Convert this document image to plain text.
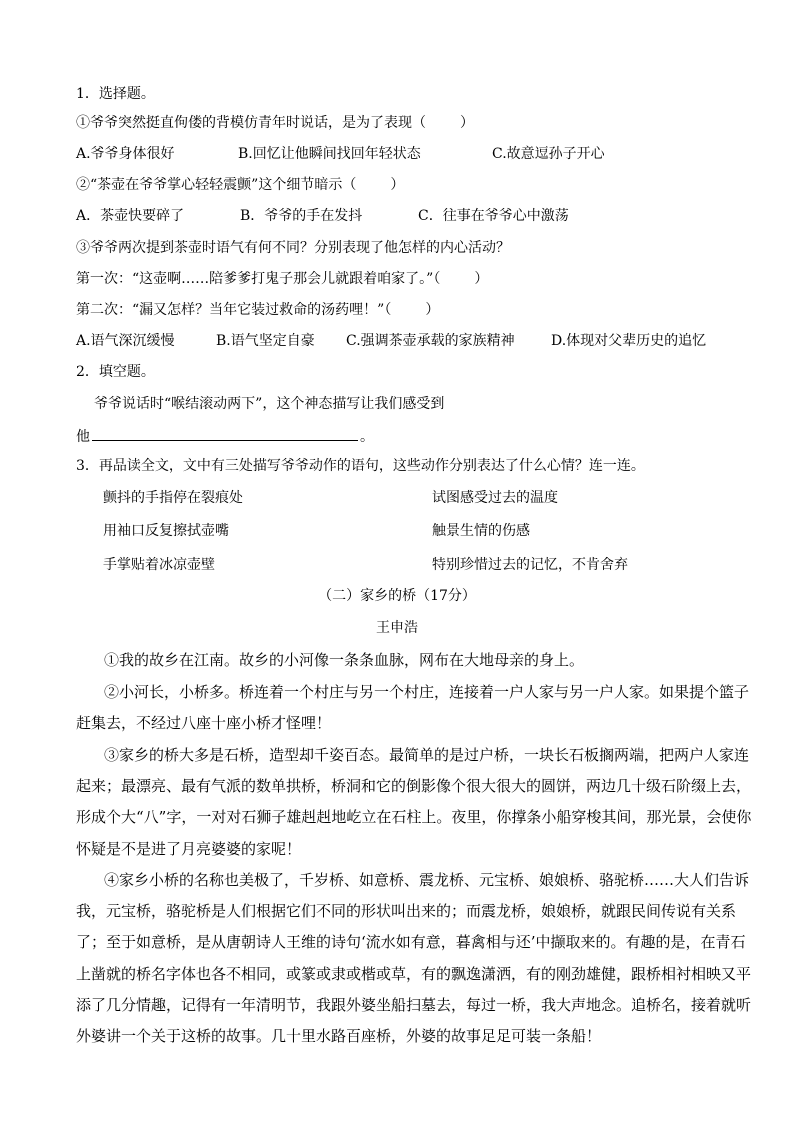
1．选择题。
①爷爷突然挺直佝偻的背模仿青年时说话，是为了表现（ ）
A.爷爷身体很好	B.回忆让他瞬间找回年轻状态	C.故意逗孙子开心
②“茶壶在爷爷掌心轻轻震颤”这个细节暗示（ ）
A．茶壶快要碎了	B．爷爷的手在发抖	C．往事在爷爷心中激荡
③爷爷两次提到茶壶时语气有何不同？分别表现了他怎样的内心活动？
第一次：“这壶啊……陪爹爹打鬼子那会儿就跟着咱家了。”（ ）
第二次：“漏又怎样？当年它装过救命的汤药哩！”（ ）
A.语气深沉缓慢	B.语气坚定自豪 C.强调茶壶承载的家族精神	D.体现对父辈历史的追忆
2．填空题。
爷爷说话时“喉结滚动两下”，这个神态描写让我们感受到
他	。
3．再品读全文，文中有三处描写爷爷动作的语句，这些动作分别表达了什么心情？连一连。
颤抖的手指停在裂痕处	试图感受过去的温度
用袖口反复擦拭壶嘴	触景生情的伤感
手掌贴着冰凉壶壁	特别珍惜过去的记忆，不肯舍弃
（二）家乡的桥（17分）
王申浩
①我的故乡在江南。故乡的小河像一条条血脉，网布在大地母亲的身上。
②小河长，小桥多。桥连着一个村庄与另一个村庄，连接着一户人家与另一户人家。如果提个篮子
赶集去，不经过八座十座小桥才怪哩！
③家乡的桥大多是石桥，造型却千姿百态。最简单的是过户桥，一块长石板搁两端，把两户人家连
起来；最漂亮、最有气派的数单拱桥，桥洞和它的倒影像个很大很大的圆饼，两边几十级石阶缀上去，
形成个大“八”字，一对对石狮子雄赳赳地屹立在石柱上。夜里，你撑条小船穿梭其间，那光景，会使你
怀疑是不是进了月亮婆婆的家呢！
④家乡小桥的名称也美极了，千岁桥、如意桥、震龙桥、元宝桥、娘娘桥、骆驼桥……大人们告诉
我，元宝桥，骆驼桥是人们根据它们不同的形状叫出来的；而震龙桥，娘娘桥，就跟民间传说有关系
了；至于如意桥，是从唐朝诗人王维的诗句‘流水如有意，暮禽相与还’中撷取来的。有趣的是，在青石
上凿就的桥名字体也各不相同，或篆或隶或楷或草，有的飘逸潇洒，有的刚劲雄健，跟桥相衬相映又平
添了几分情趣，记得有一年清明节，我跟外婆坐船扫墓去，每过一桥，我大声地念。追桥名，接着就听
外婆讲一个关于这桥的故事。几十里水路百座桥，外婆的故事足足可装一条船！
